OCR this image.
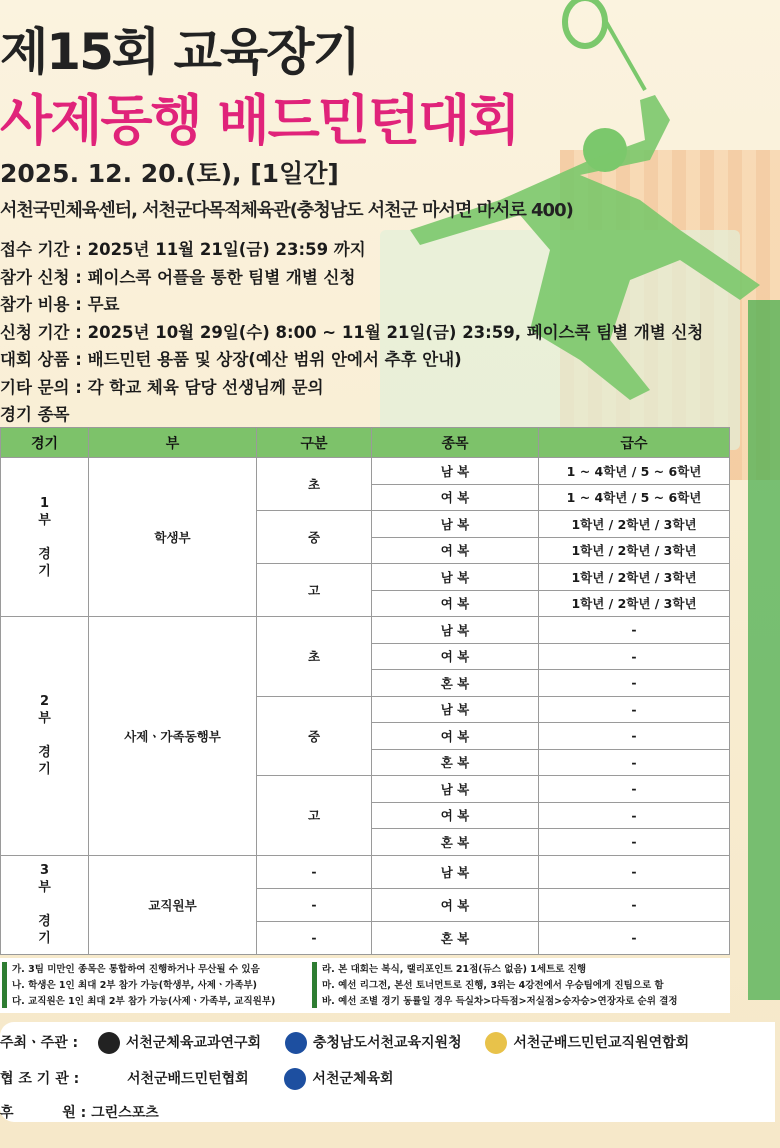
제15회 교육장기
사제동행 배드민턴대회
2025. 12. 20.(토), [1일간]
서천국민체육센터, 서천군다목적체육관(충청남도 서천군 마서면 마서로 400)
접수 기간 : 2025년 11월 21일(금) 23:59 까지
참가 신청 : 페이스콕 어플을 통한 팀별 개별 신청
참가 비용 : 무료
신청 기간 : 2025년 10월 29일(수) 8:00 ~ 11월 21일(금) 23:59, 페이스콕 팀별 개별 신청
대회 상품 : 배드민턴 용품 및 상장(예산 범위 안에서 추후 안내)
기타 문의 : 각 학교 체육 담당 선생님께 문의
경기 종목
경기	부	구분	종목	급수

1
부
경
기	학생부	초	남 복	1 ~ 4학년 / 5 ~ 6학년
			여 복	1 ~ 4학년 / 5 ~ 6학년
		중	남 복	1학년 / 2학년 / 3학년
			여 복	1학년 / 2학년 / 3학년
		고	남 복	1학년 / 2학년 / 3학년
			여 복	1학년 / 2학년 / 3학년

2
부
경
기	사제ㆍ가족동행부	초	남 복	-
			여 복	-
			혼 복	-
		중	남 복	-
			여 복	-
			혼 복	-
		고	남 복	-
			여 복	-
			혼 복	-

3
부
경
기	교직원부	-	남 복	-
		-	여 복	-
		-	혼 복	-
가. 3팀 미만인 종목은 통합하여 진행하거나 무산될 수 있음
나. 학생은 1인 최대 2부 참가 가능(학생부, 사제ㆍ가족부)
다. 교직원은 1인 최대 2부 참가 가능(사제ㆍ가족부, 교직원부)
라. 본 대회는 복식, 랠리포인트 21점(듀스 없음) 1세트로 진행
마. 예선 리그전, 본선 토너먼트로 진행, 3위는 4강전에서 우승팀에게 진팀으로 함
바. 예선 조별 경기 동률일 경우 득실차>다득점>저실점>승자승>연장자로 순위 결정
주최ㆍ주관 :	서천군체육교과연구회	충청남도서천교육지원청	서천군배드민턴교직원연합회
협 조 기 관 :	서천군배드민턴협회	서천군체육회
후          원 : 그린스포츠
